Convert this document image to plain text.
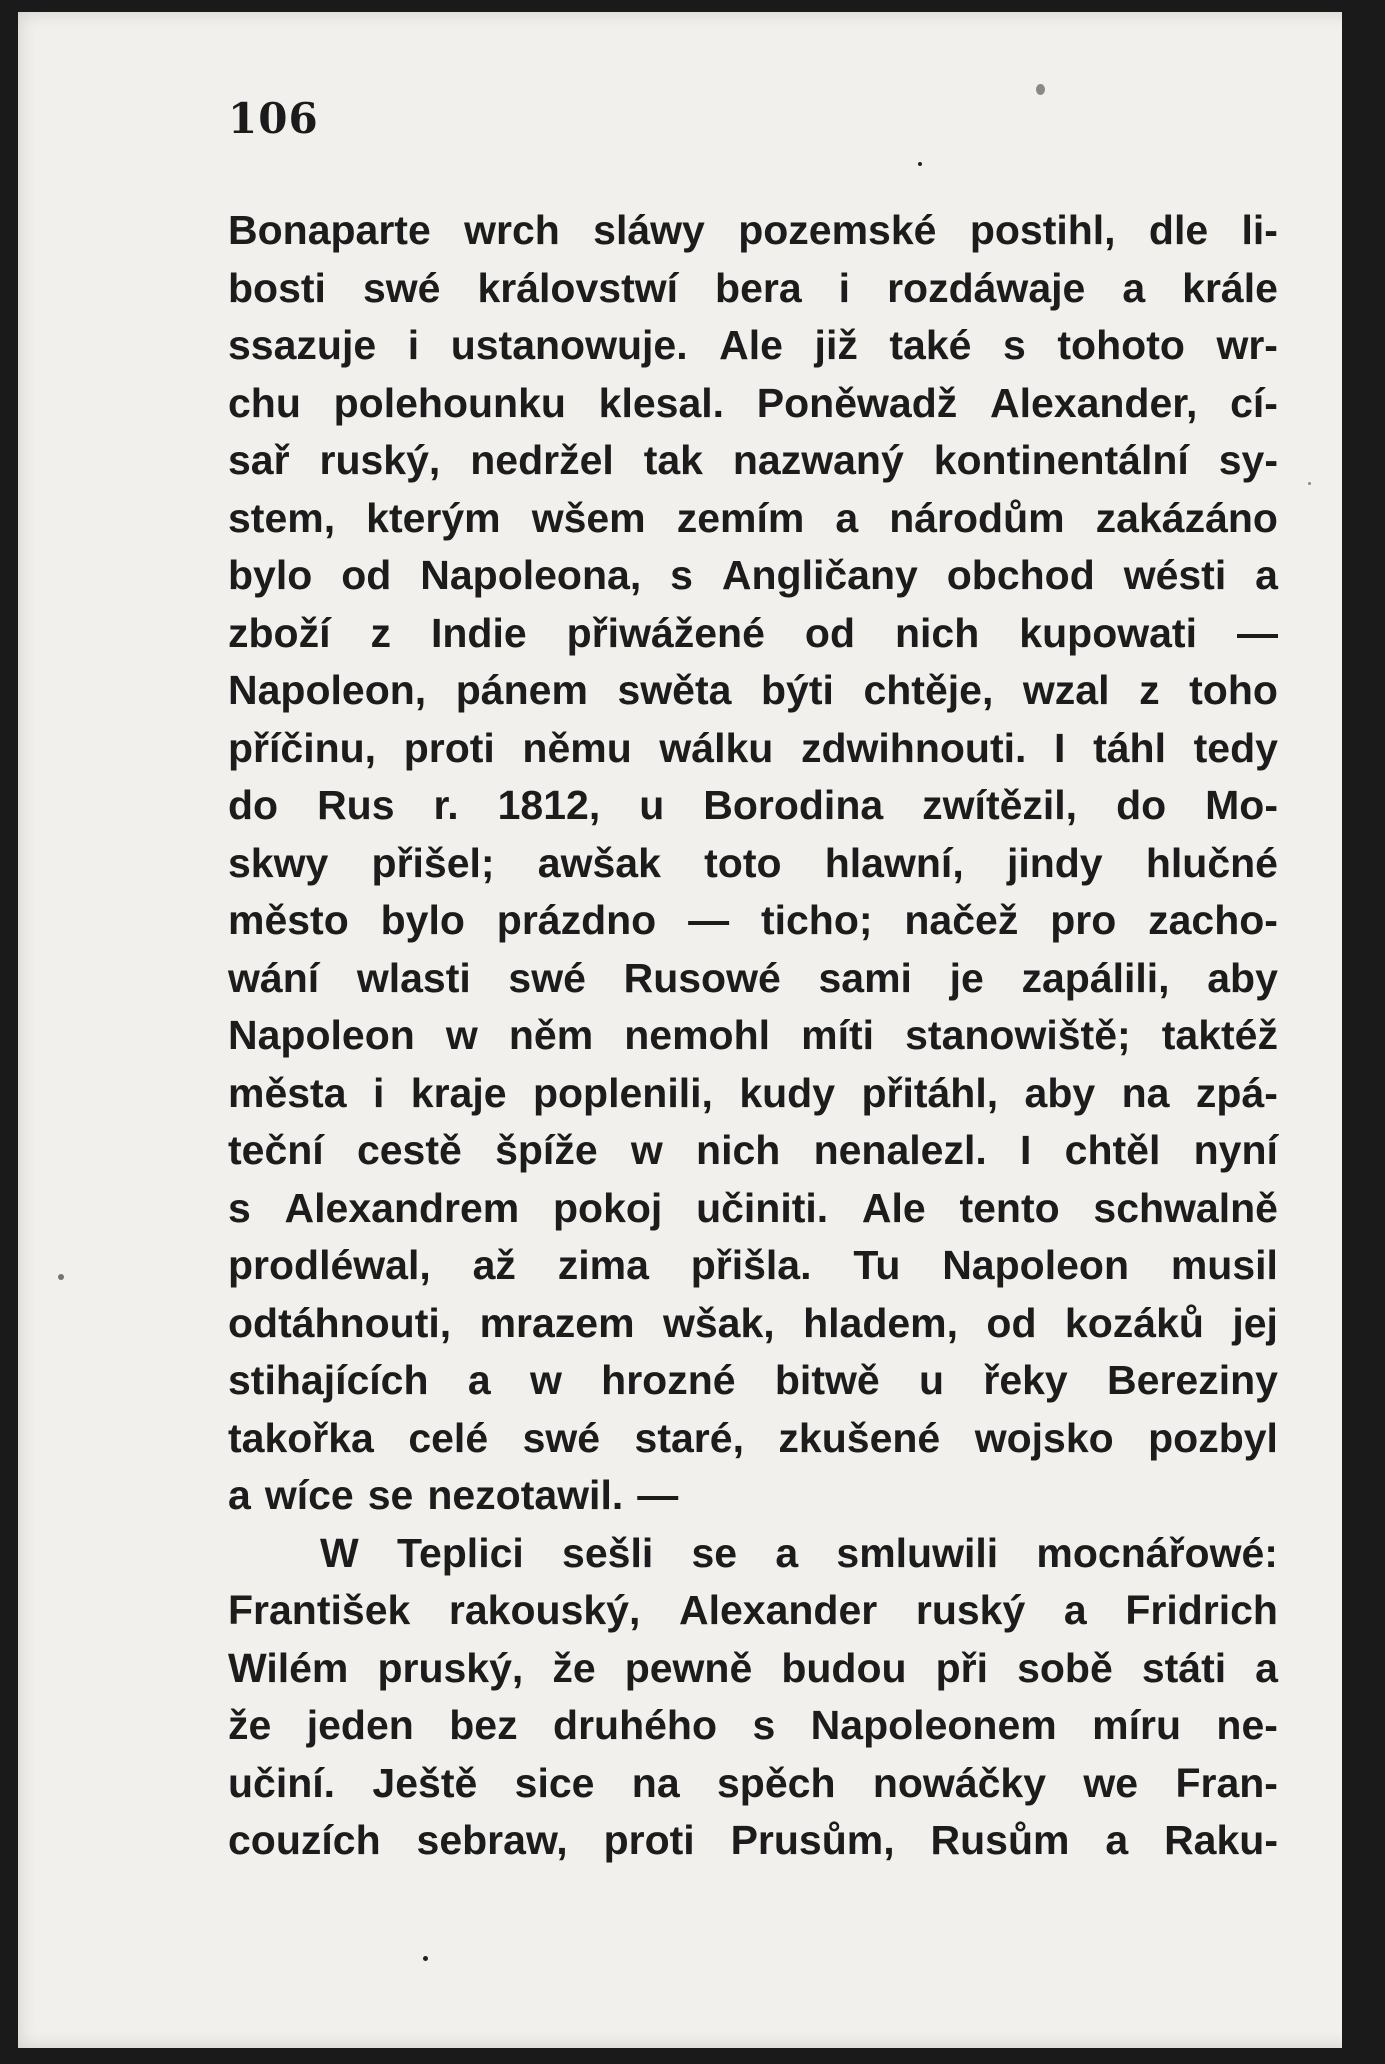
106
Bonaparte wrch sláwy pozemské postihl, dle li-
bosti swé královstwí bera i rozdáwaje a krále
ssazuje i ustanowuje. Ale již také s tohoto wr-
chu polehounku klesal. Poněwadž Alexander, cí-
sař ruský, nedržel tak nazwaný kontinentální sy-
stem, kterým wšem zemím a národům zakázáno
bylo od Napoleona, s Angličany obchod wésti a
zboží z Indie přiwážené od nich kupowati —
Napoleon, pánem swěta býti chtěje, wzal z toho
příčinu, proti němu wálku zdwihnouti. I táhl tedy
do Rus r. 1812, u Borodina zwítězil, do Mo-
skwy přišel; awšak toto hlawní, jindy hlučné
město bylo prázdno — ticho; načež pro zacho-
wání wlasti swé Rusowé sami je zapálili, aby
Napoleon w něm nemohl míti stanowiště; taktéž
města i kraje poplenili, kudy přitáhl, aby na zpá-
teční cestě špíže w nich nenalezl. I chtěl nyní
s Alexandrem pokoj učiniti. Ale tento schwalně
prodléwal, až zima přišla. Tu Napoleon musil
odtáhnouti, mrazem wšak, hladem, od kozáků jej
stihajících a w hrozné bitwě u řeky Bereziny
takořka celé swé staré, zkušené wojsko pozbyl
a wíce se nezotawil. —
W Teplici sešli se a smluwili mocnářowé:
František rakouský, Alexander ruský a Fridrich
Wilém pruský, že pewně budou při sobě státi a
že jeden bez druhého s Napoleonem míru ne-
učiní. Ještě sice na spěch nowáčky we Fran-
couzích sebraw, proti Prusům, Rusům a Raku-
